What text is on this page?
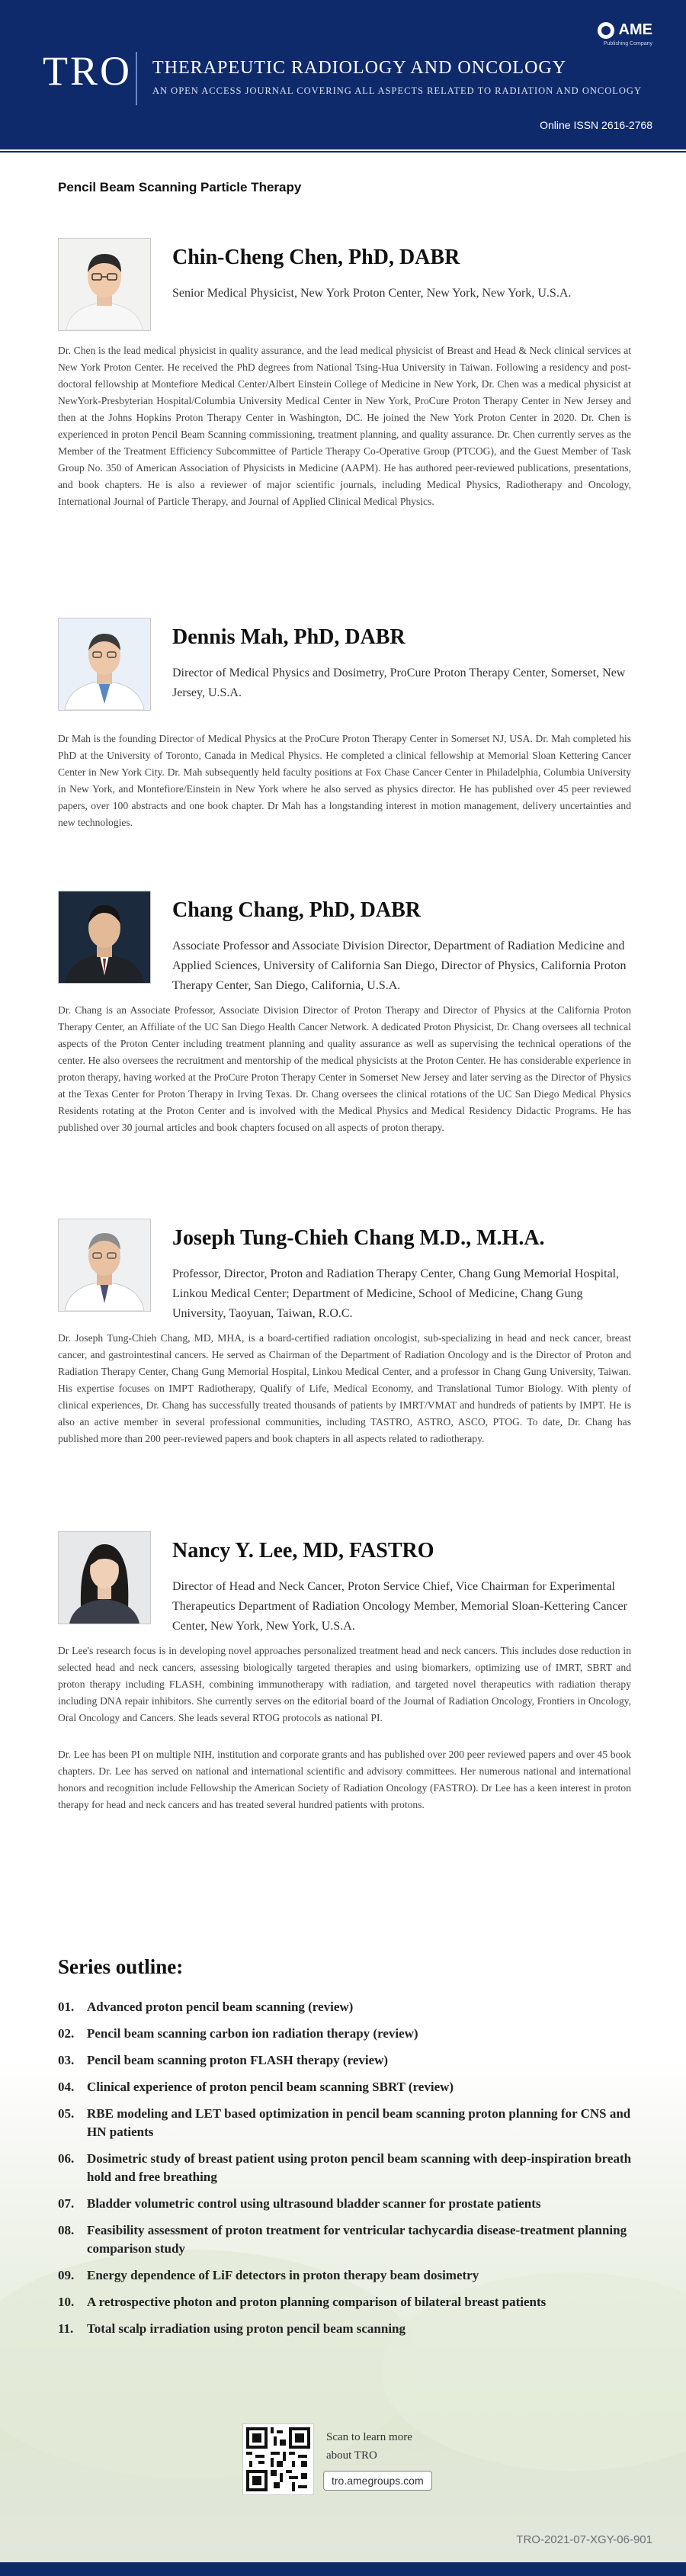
TRO THERAPEUTIC RADIOLOGY AND ONCOLOGY
AN OPEN ACCESS JOURNAL COVERING ALL ASPECTS RELATED TO RADIATION AND ONCOLOGY
AME
Publishing Company
Online ISSN 2616-2768
Pencil Beam Scanning Particle Therapy
Chin-Cheng Chen, PhD, DABR
Senior Medical Physicist, New York Proton Center, New York, New York, U.S.A.
Dr. Chen is the lead medical physicist in quality assurance, and the lead medical physicist of Breast and Head & Neck clinical services at New York Proton Center. He received the PhD degrees from National Tsing-Hua University in Taiwan. Following a residency and post-doctoral fellowship at Montefiore Medical Center/Albert Einstein College of Medicine in New York, Dr. Chen was a medical physicist at NewYork-Presbyterian Hospital/Columbia University Medical Center in New York, ProCure Proton Therapy Center in New Jersey and then at the Johns Hopkins Proton Therapy Center in Washington, DC. He joined the New York Proton Center in 2020. Dr. Chen is experienced in proton Pencil Beam Scanning commissioning, treatment planning, and quality assurance. Dr. Chen currently serves as the Member of the Treatment Efficiency Subcommittee of Particle Therapy Co-Operative Group (PTCOG), and the Guest Member of Task Group No. 350 of American Association of Physicists in Medicine (AAPM). He has authored peer-reviewed publications, presentations, and book chapters. He is also a reviewer of major scientific journals, including Medical Physics, Radiotherapy and Oncology, International Journal of Particle Therapy, and Journal of Applied Clinical Medical Physics.
Dennis Mah, PhD, DABR
Director of Medical Physics and Dosimetry, ProCure Proton Therapy Center, Somerset, New Jersey, U.S.A.
Dr Mah is the founding Director of Medical Physics at the ProCure Proton Therapy Center in Somerset NJ, USA. Dr. Mah completed his PhD at the University of Toronto, Canada in Medical Physics. He completed a clinical fellowship at Memorial Sloan Kettering Cancer Center in New York City. Dr. Mah subsequently held faculty positions at Fox Chase Cancer Center in Philadelphia, Columbia University in New York, and Montefiore/Einstein in New York where he also served as physics director. He has published over 45 peer reviewed papers, over 100 abstracts and one book chapter. Dr Mah has a longstanding interest in motion management, delivery uncertainties and new technologies.
Chang Chang, PhD, DABR
Associate Professor and Associate Division Director, Department of Radiation Medicine and Applied Sciences, University of California San Diego, Director of Physics, California Proton Therapy Center, San Diego, California, U.S.A.
Dr. Chang is an Associate Professor, Associate Division Director of Proton Therapy and Director of Physics at the California Proton Therapy Center, an Affiliate of the UC San Diego Health Cancer Network. A dedicated Proton Physicist, Dr. Chang oversees all technical aspects of the Proton Center including treatment planning and quality assurance as well as supervising the technical operations of the center. He also oversees the recruitment and mentorship of the medical physicists at the Proton Center. He has considerable experience in proton therapy, having worked at the ProCure Proton Therapy Center in Somerset New Jersey and later serving as the Director of Physics at the Texas Center for Proton Therapy in Irving Texas. Dr. Chang oversees the clinical rotations of the UC San Diego Medical Physics Residents rotating at the Proton Center and is involved with the Medical Physics and Medical Residency Didactic Programs. He has published over 30 journal articles and book chapters focused on all aspects of proton therapy.
Joseph Tung-Chieh Chang M.D., M.H.A.
Professor, Director, Proton and Radiation Therapy Center, Chang Gung Memorial Hospital, Linkou Medical Center; Department of Medicine, School of Medicine, Chang Gung University, Taoyuan, Taiwan, R.O.C.
Dr. Joseph Tung-Chieh Chang, MD, MHA, is a board-certified radiation oncologist, sub-specializing in head and neck cancer, breast cancer, and gastrointestinal cancers. He served as Chairman of the Department of Radiation Oncology and is the Director of Proton and Radiation Therapy Center, Chang Gung Memorial Hospital, Linkou Medical Center, and a professor in Chang Gung University, Taiwan. His expertise focuses on IMPT Radiotherapy, Qualify of Life, Medical Economy, and Translational Tumor Biology. With plenty of clinical experiences, Dr. Chang has successfully treated thousands of patients by IMRT/VMAT and hundreds of patients by IMPT. He is also an active member in several professional communities, including TASTRO, ASTRO, ASCO, PTOG. To date, Dr. Chang has published more than 200 peer-reviewed papers and book chapters in all aspects related to radiotherapy.
Nancy Y. Lee, MD, FASTRO
Director of Head and Neck Cancer, Proton Service Chief, Vice Chairman for Experimental Therapeutics Department of Radiation Oncology Member, Memorial Sloan-Kettering Cancer Center, New York, New York, U.S.A.
Dr Lee's research focus is in developing novel approaches personalized treatment head and neck cancers. This includes dose reduction in selected head and neck cancers, assessing biologically targeted therapies and using biomarkers, optimizing use of IMRT, SBRT and proton therapy including FLASH, combining immunotherapy with radiation, and targeted novel therapeutics with radiation therapy including DNA repair inhibitors. She currently serves on the editorial board of the Journal of Radiation Oncology, Frontiers in Oncology, Oral Oncology and Cancers. She leads several RTOG protocols as national PI.
Dr. Lee has been PI on multiple NIH, institution and corporate grants and has published over 200 peer reviewed papers and over 45 book chapters. Dr. Lee has served on national and international scientific and advisory committees. Her numerous national and international honors and recognition include Fellowship the American Society of Radiation Oncology (FASTRO). Dr Lee has a keen interest in proton therapy for head and neck cancers and has treated several hundred patients with protons.
Series outline:
01. Advanced proton pencil beam scanning (review)
02. Pencil beam scanning carbon ion radiation therapy (review)
03. Pencil beam scanning proton FLASH therapy (review)
04. Clinical experience of proton pencil beam scanning SBRT (review)
05. RBE modeling and LET based optimization in pencil beam scanning proton planning for CNS and HN patients
06. Dosimetric study of breast patient using proton pencil beam scanning with deep-inspiration breath hold and free breathing
07. Bladder volumetric control using ultrasound bladder scanner for prostate patients
08. Feasibility assessment of proton treatment for ventricular tachycardia disease-treatment planning comparison study
09. Energy dependence of LiF detectors in proton therapy beam dosimetry
10. A retrospective photon and proton planning comparison of bilateral breast patients
11.	Total scalp irradiation using proton pencil beam scanning
Scan to learn more
about TRO
tro.amegroups.com
TRO-2021-07-XGY-06-901
